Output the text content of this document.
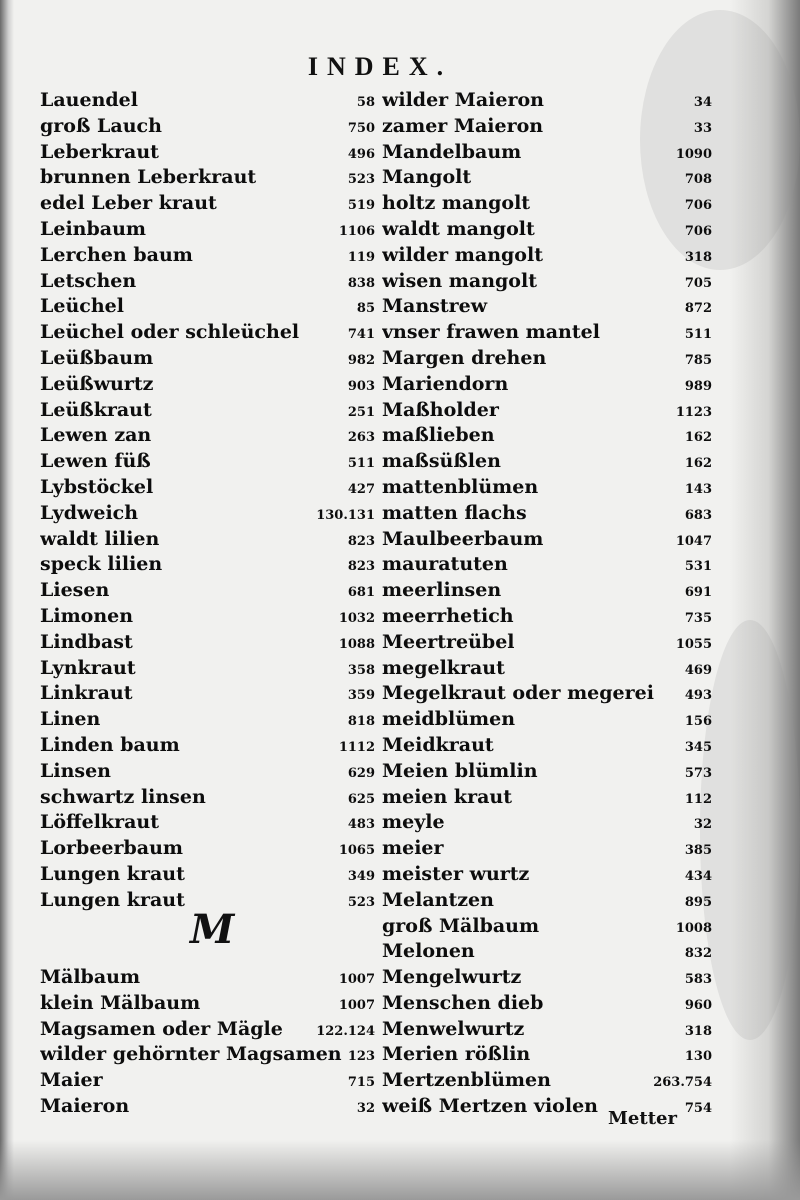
INDEX.
Lauendel	58
groß Lauch	750
Leberkraut	496
brunnen Leberkraut	523
edel Leber kraut	519
Leinbaum	1106
Lerchen baum	119
Letschen	838
Leüchel	85
Leüchel oder schleüchel	741
Leüßbaum	982
Leüßwurtz	903
Leüßkraut	251
Lewen zan	263
Lewen füß	511
Lybstöckel	427
Lydweich	130.131
waldt lilien	823
speck lilien	823
Liesen	681
Limonen	1032
Lindbast	1088
Lynkraut	358
Linkraut	359
Linen	818
Linden baum	1112
Linsen	629
schwartz linsen	625
Löffelkraut	483
Lorbeerbaum	1065
Lungen kraut	349
Lungen kraut	523
Mälbaum	1007
klein Mälbaum	1007
Magsamen oder Mägle	122.124
wilder gehörnter Magsamen 123
Maier	715
Maieron	32
M
wilder Maieron	34
zamer Maieron	33
Mandelbaum	1090
Mangolt	708
holtz mangolt	706
waldt mangolt	706
wilder mangolt	318
wisen mangolt	705
Manstrew	872
vnser frawen mantel	511
Margen drehen	785
Mariendorn	989
Maßholder	1123
maßlieben	162
maßsüßlen	162
mattenblümen	143
matten flachs	683
Maulbeerbaum	1047
mauratuten	531
meerlinsen	691
meerrhetich	735
Meertreübel	1055
megelkraut	469
Megelkraut oder megerei	493
meidblümen	156
Meidkraut	345
Meien blümlin	573
meien kraut	112
meyle	32
meier	385
meister wurtz	434
Melantzen	895
groß Mälbaum	1008
Melonen	832
Mengelwurtz	583
Menschen dieb	960
Menwelwurtz	318
Merien rößlin	130
Mertzenblümen	263.754
weiß Mertzen violen	754
Metter
